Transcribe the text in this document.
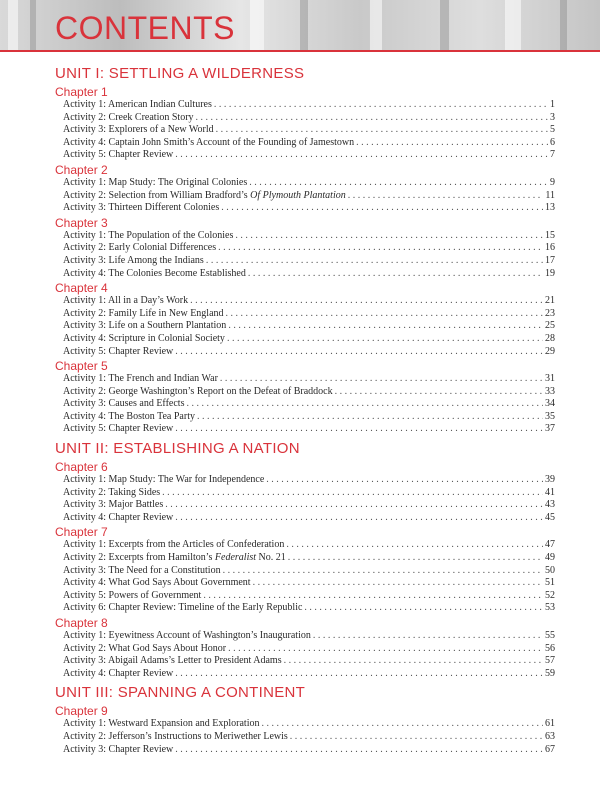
CONTENTS
UNIT I: SETTLING A WILDERNESS
Chapter 1
Activity 1: American Indian Cultures . . .	1
Activity 2: Creek Creation Story . . .	3
Activity 3: Explorers of a New World . . .	5
Activity 4: Captain John Smith’s Account of the Founding of Jamestown . . .	6
Activity 5: Chapter Review . . .	7
Chapter 2
Activity 1: Map Study: The Original Colonies . . .	9
Activity 2: Selection from William Bradford’s Of Plymouth Plantation . . .	11
Activity 3: Thirteen Different Colonies . . .	13
Chapter 3
Activity 1: The Population of the Colonies . . .	15
Activity 2: Early Colonial Differences . . .	16
Activity 3: Life Among the Indians . . .	17
Activity 4: The Colonies Become Established . . .	19
Chapter 4
Activity 1: All in a Day’s Work . . .	21
Activity 2: Family Life in New England . . .	23
Activity 3: Life on a Southern Plantation . . .	25
Activity 4: Scripture in Colonial Society . . .	28
Activity 5: Chapter Review . . .	29
Chapter 5
Activity 1: The French and Indian War . . .	31
Activity 2: George Washington’s Report on the Defeat of Braddock . . .	33
Activity 3: Causes and Effects . . .	34
Activity 4: The Boston Tea Party . . .	35
Activity 5: Chapter Review . . .	37
UNIT II: ESTABLISHING A NATION
Chapter 6
Activity 1: Map Study: The War for Independence . . .	39
Activity 2: Taking Sides . . .	41
Activity 3: Major Battles . . .	43
Activity 4: Chapter Review . . .	45
Chapter 7
Activity 1: Excerpts from the Articles of Confederation . . .	47
Activity 2: Excerpts from Hamilton’s Federalist No. 21 . . .	49
Activity 3: The Need for a Constitution . . .	50
Activity 4: What God Says About Government . . .	51
Activity 5: Powers of Government . . .	52
Activity 6: Chapter Review: Timeline of the Early Republic . . .	53
Chapter 8
Activity 1: Eyewitness Account of Washington’s Inauguration . . .	55
Activity 2: What God Says About Honor . . .	56
Activity 3: Abigail Adams’s Letter to President Adams . . .	57
Activity 4: Chapter Review . . .	59
UNIT III: SPANNING A CONTINENT
Chapter 9
Activity 1: Westward Expansion and Exploration . . .	61
Activity 2: Jefferson’s Instructions to Meriwether Lewis . . .	63
Activity 3: Chapter Review . . .	67
